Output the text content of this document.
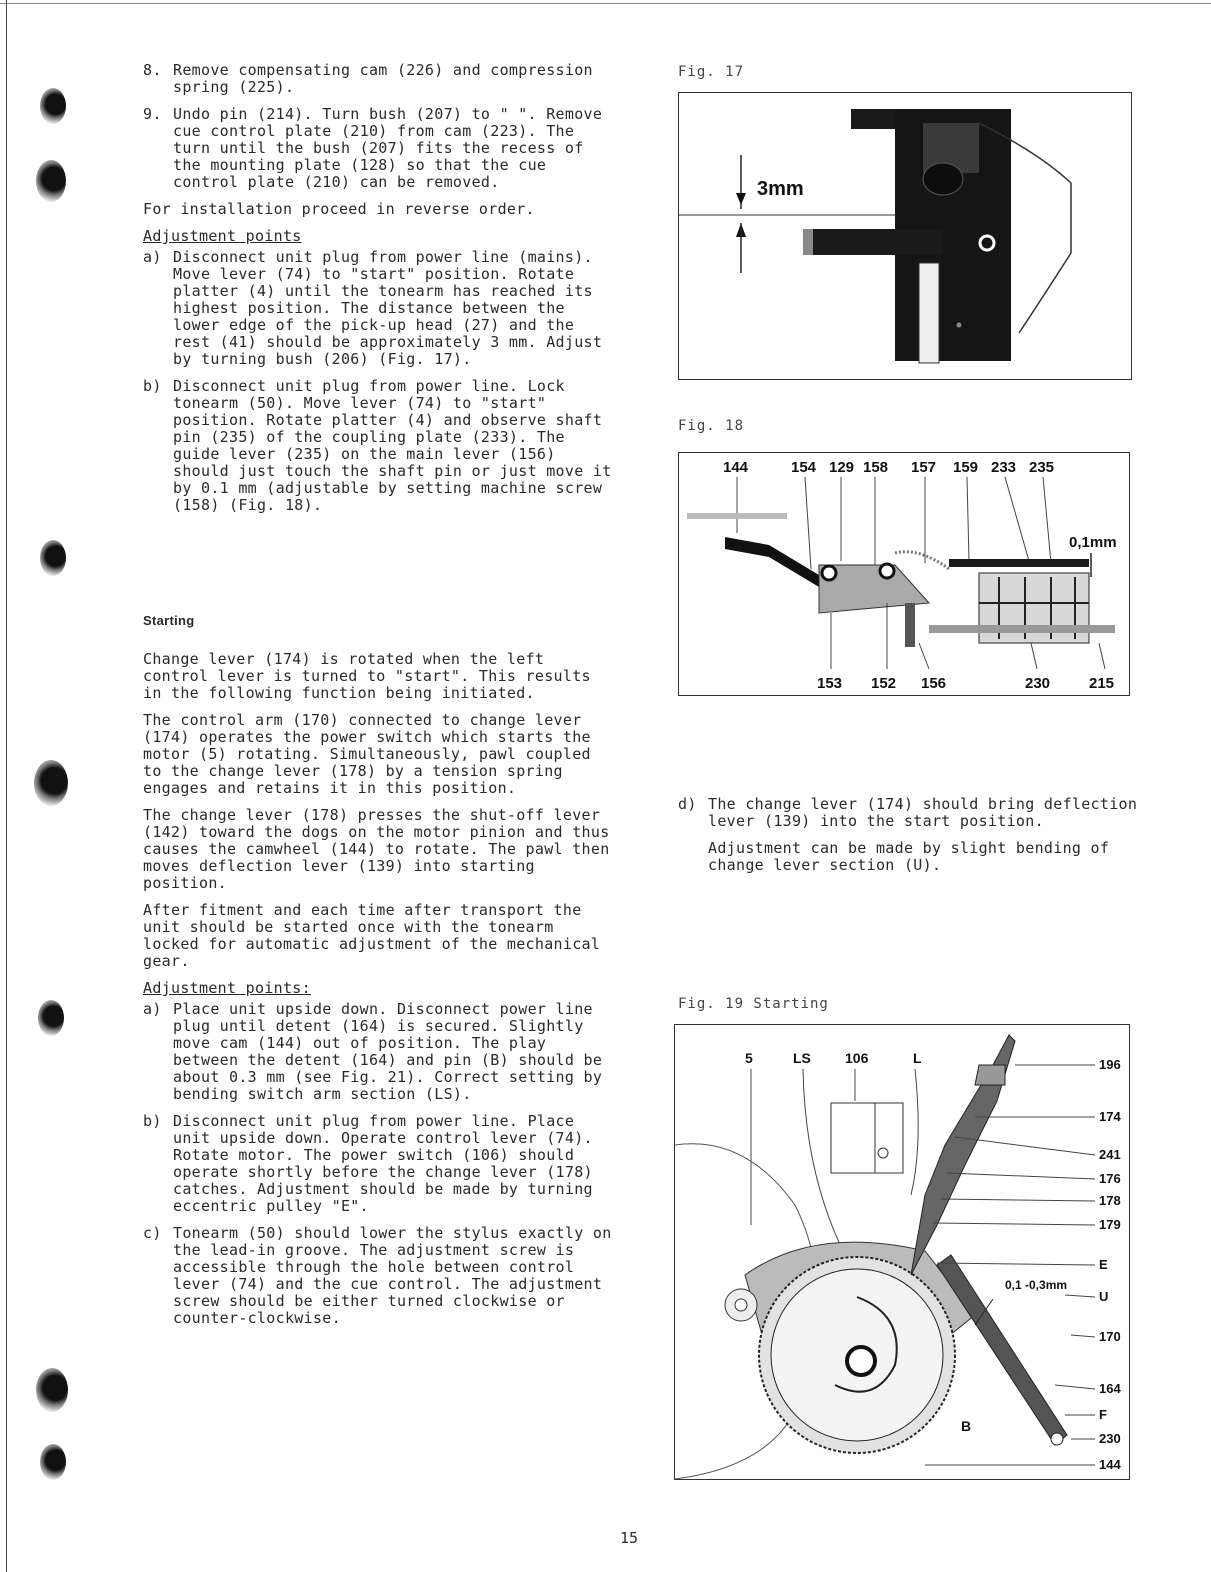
8. Remove compensating cam (226) and compression spring (225).
9. Undo pin (214). Turn bush (207) to " ". Remove cue control plate (210) from cam (223). The turn until the bush (207) fits the recess of the mounting plate (128) so that the cue control plate (210) can be removed.
For installation proceed in reverse order.
Adjustment points
a) Disconnect unit plug from power line (mains). Move lever (74) to "start" position. Rotate platter (4) until the tonearm has reached its highest position. The distance between the lower edge of the pick-up head (27) and the rest (41) should be approximately 3 mm. Adjust by turning bush (206) (Fig. 17).
b) Disconnect unit plug from power line. Lock tonearm (50). Move lever (74) to "start" position. Rotate platter (4) and observe shaft pin (235) of the coupling plate (233). The guide lever (235) on the main lever (156) should just touch the shaft pin or just move it by 0.1 mm (adjustable by setting machine screw (158) (Fig. 18).
Starting
Change lever (174) is rotated when the left control lever is turned to "start". This results in the following function being initiated.
The control arm (170) connected to change lever (174) operates the power switch which starts the motor (5) rotating. Simultaneously, pawl coupled to the change lever (178) by a tension spring engages and retains it in this position.
The change lever (178) presses the shut-off lever (142) toward the dogs on the motor pinion and thus causes the camwheel (144) to rotate. The pawl then moves deflection lever (139) into starting position.
After fitment and each time after transport the unit should be started once with the tonearm locked for automatic adjustment of the mechanical gear.
Adjustment points:
a) Place unit upside down. Disconnect power line plug until detent (164) is secured. Slightly move cam (144) out of position. The play between the detent (164) and pin (B) should be about 0.3 mm (see Fig. 21). Correct setting by bending switch arm section (LS).
b) Disconnect unit plug from power line. Place unit upside down. Operate control lever (74). Rotate motor. The power switch (106) should operate shortly before the change lever (178) catches. Adjustment should be made by turning eccentric pulley "E".
c) Tonearm (50) should lower the stylus exactly on the lead-in groove. The adjustment screw is accessible through the hole between control lever (74) and the cue control. The adjustment screw should be either turned clockwise or counter-clockwise.
Fig. 17
3mm
Fig. 18
144	154 129 158 157 159 233 235
0,1mm
153 152 156	230	215
d) The change lever (174) should bring deflection lever (139) into the start position.
Adjustment can be made by slight bending of change lever section (U).
Fig. 19 Starting
5	LS 106	L
0,1 -0,3mm
B
196
174
241
176
178
179
E
U
170
164
F
230
144
15
